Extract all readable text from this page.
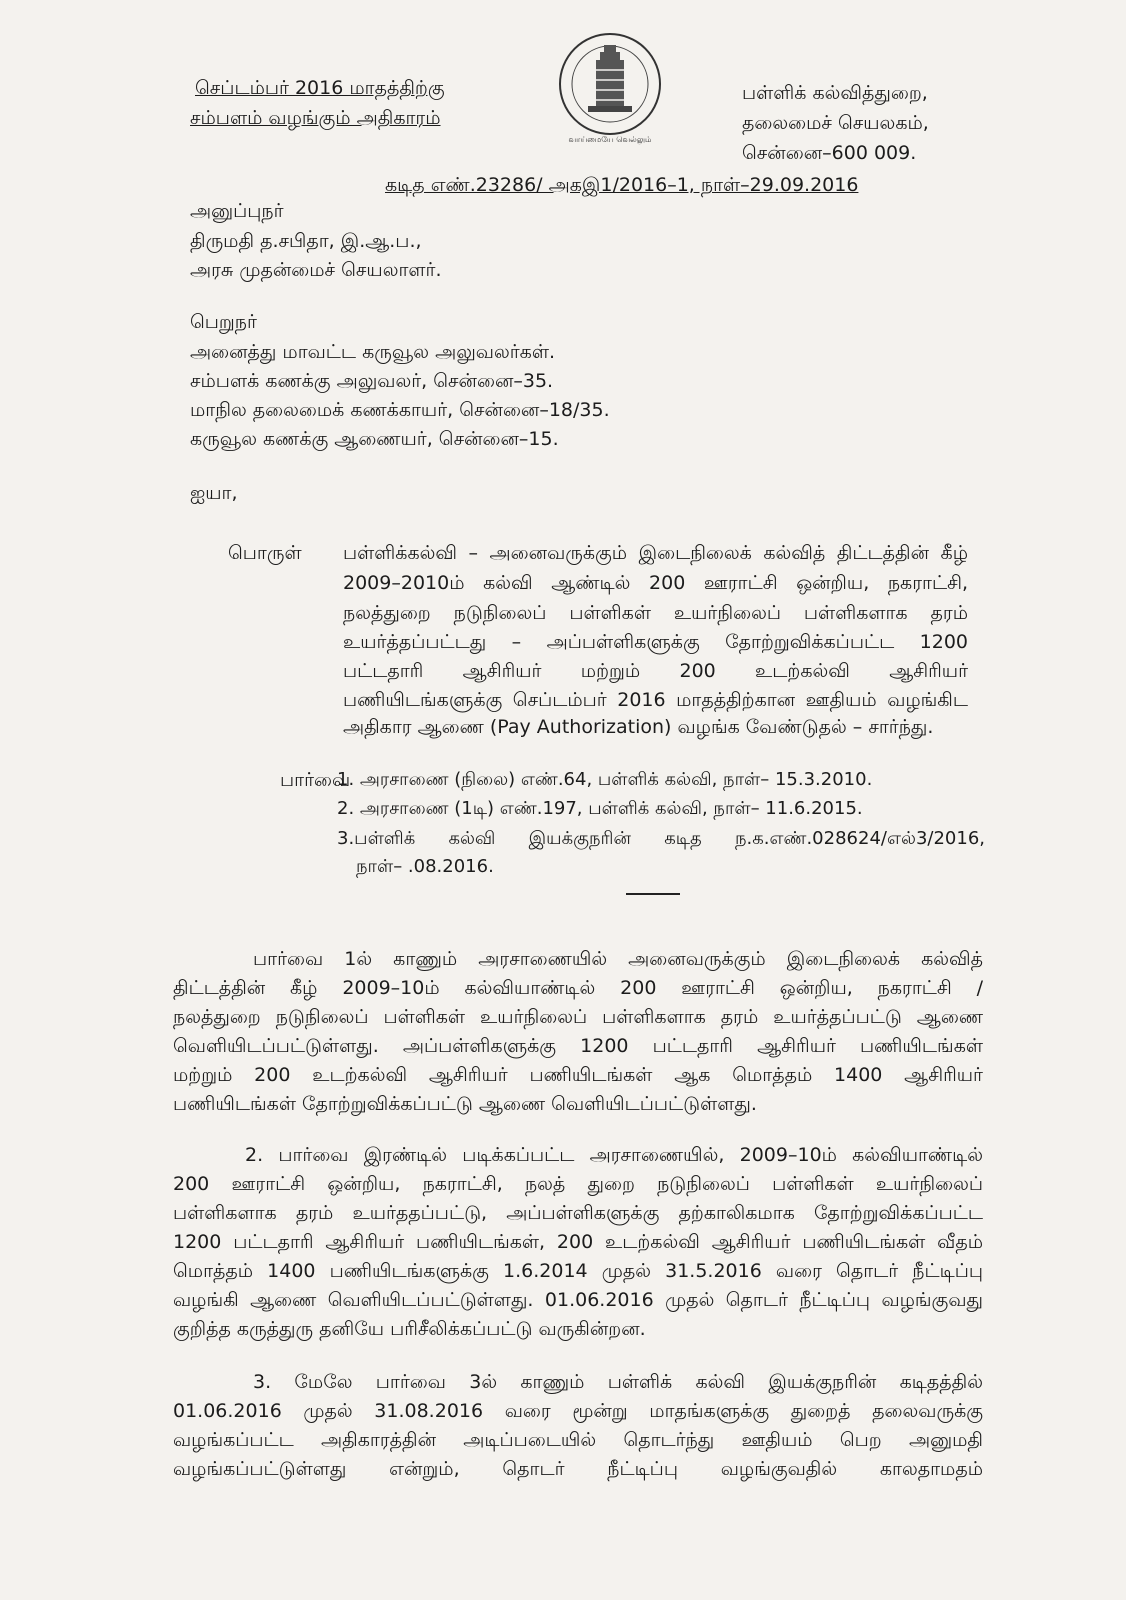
செப்டம்பர் 2016 மாதத்திற்கு
சம்பளம் வழங்கும் அதிகாரம்
வாய்மையே வெல்லும்
பள்ளிக் கல்வித்துறை,
தலைமைச் செயலகம்,
சென்னை–600 009.
கடித எண்.23286/ அகஇ1/2016–1, நாள்–29.09.2016
அனுப்புநர்
திருமதி த.சபிதா, இ.ஆ.ப.,
அரசு முதன்மைச் செயலாளர்.
பெறுநர்
அனைத்து மாவட்ட கருவூல அலுவலர்கள்.
சம்பளக் கணக்கு அலுவலர், சென்னை–35.
மாநில தலைமைக் கணக்காயர், சென்னை–18/35.
கருவூல கணக்கு ஆணையர், சென்னை–15.
ஐயா,
பொருள் பள்ளிக்கல்வி – அனைவருக்கும் இடைநிலைக் கல்வித் திட்டத்தின் கீழ்
2009–2010ம் கல்வி ஆண்டில் 200 ஊராட்சி ஒன்றிய, நகராட்சி,
நலத்துறை நடுநிலைப் பள்ளிகள் உயர்நிலைப் பள்ளிகளாக தரம்
உயர்த்தப்பட்டது – அப்பள்ளிகளுக்கு தோற்றுவிக்கப்பட்ட 1200
பட்டதாரி ஆசிரியர் மற்றும் 200 உடற்கல்வி ஆசிரியர்
பணியிடங்களுக்கு செப்டம்பர் 2016 மாதத்திற்கான ஊதியம் வழங்கிட
அதிகார ஆணை (Pay Authorization) வழங்க வேண்டுதல் – சார்ந்து.
பார்வை
1. அரசாணை (நிலை) எண்.64, பள்ளிக் கல்வி, நாள்– 15.3.2010.
2. அரசாணை (1டி) எண்.197, பள்ளிக் கல்வி, நாள்– 11.6.2015.
3.பள்ளிக் கல்வி இயக்குநரின் கடித ந.க.எண்.028624/எல்3/2016,
நாள்– .08.2016.
பார்வை 1ல் காணும் அரசாணையில் அனைவருக்கும் இடைநிலைக் கல்வித்
திட்டத்தின் கீழ் 2009–10ம் கல்வியாண்டில் 200 ஊராட்சி ஒன்றிய, நகராட்சி /
நலத்துறை நடுநிலைப் பள்ளிகள் உயர்நிலைப் பள்ளிகளாக தரம் உயர்த்தப்பட்டு ஆணை
வெளியிடப்பட்டுள்ளது. அப்பள்ளிகளுக்கு 1200 பட்டதாரி ஆசிரியர் பணியிடங்கள்
மற்றும் 200 உடற்கல்வி ஆசிரியர் பணியிடங்கள் ஆக மொத்தம் 1400 ஆசிரியர்
பணியிடங்கள் தோற்றுவிக்கப்பட்டு ஆணை வெளியிடப்பட்டுள்ளது.
2. பார்வை இரண்டில் படிக்கப்பட்ட அரசாணையில், 2009–10ம் கல்வியாண்டில்
200 ஊராட்சி ஒன்றிய, நகராட்சி, நலத் துறை நடுநிலைப் பள்ளிகள் உயர்நிலைப்
பள்ளிகளாக தரம் உயர்ததப்பட்டு, அப்பள்ளிகளுக்கு தற்காலிகமாக தோற்றுவிக்கப்பட்ட
1200 பட்டதாரி ஆசிரியர் பணியிடங்கள், 200 உடற்கல்வி ஆசிரியர் பணியிடங்கள் வீதம்
மொத்தம் 1400 பணியிடங்களுக்கு 1.6.2014 முதல் 31.5.2016 வரை தொடர் நீட்டிப்பு
வழங்கி ஆணை வெளியிடப்பட்டுள்ளது. 01.06.2016 முதல் தொடர் நீட்டிப்பு வழங்குவது
குறித்த கருத்துரு தனியே பரிசீலிக்கப்பட்டு வருகின்றன.
3. மேலே பார்வை 3ல் காணும் பள்ளிக் கல்வி இயக்குநரின் கடிதத்தில்
01.06.2016 முதல் 31.08.2016 வரை மூன்று மாதங்களுக்கு துறைத் தலைவருக்கு
வழங்கப்பட்ட அதிகாரத்தின் அடிப்படையில் தொடர்ந்து ஊதியம் பெற அனுமதி
வழங்கப்பட்டுள்ளது என்றும், தொடர் நீட்டிப்பு வழங்குவதில் காலதாமதம்
